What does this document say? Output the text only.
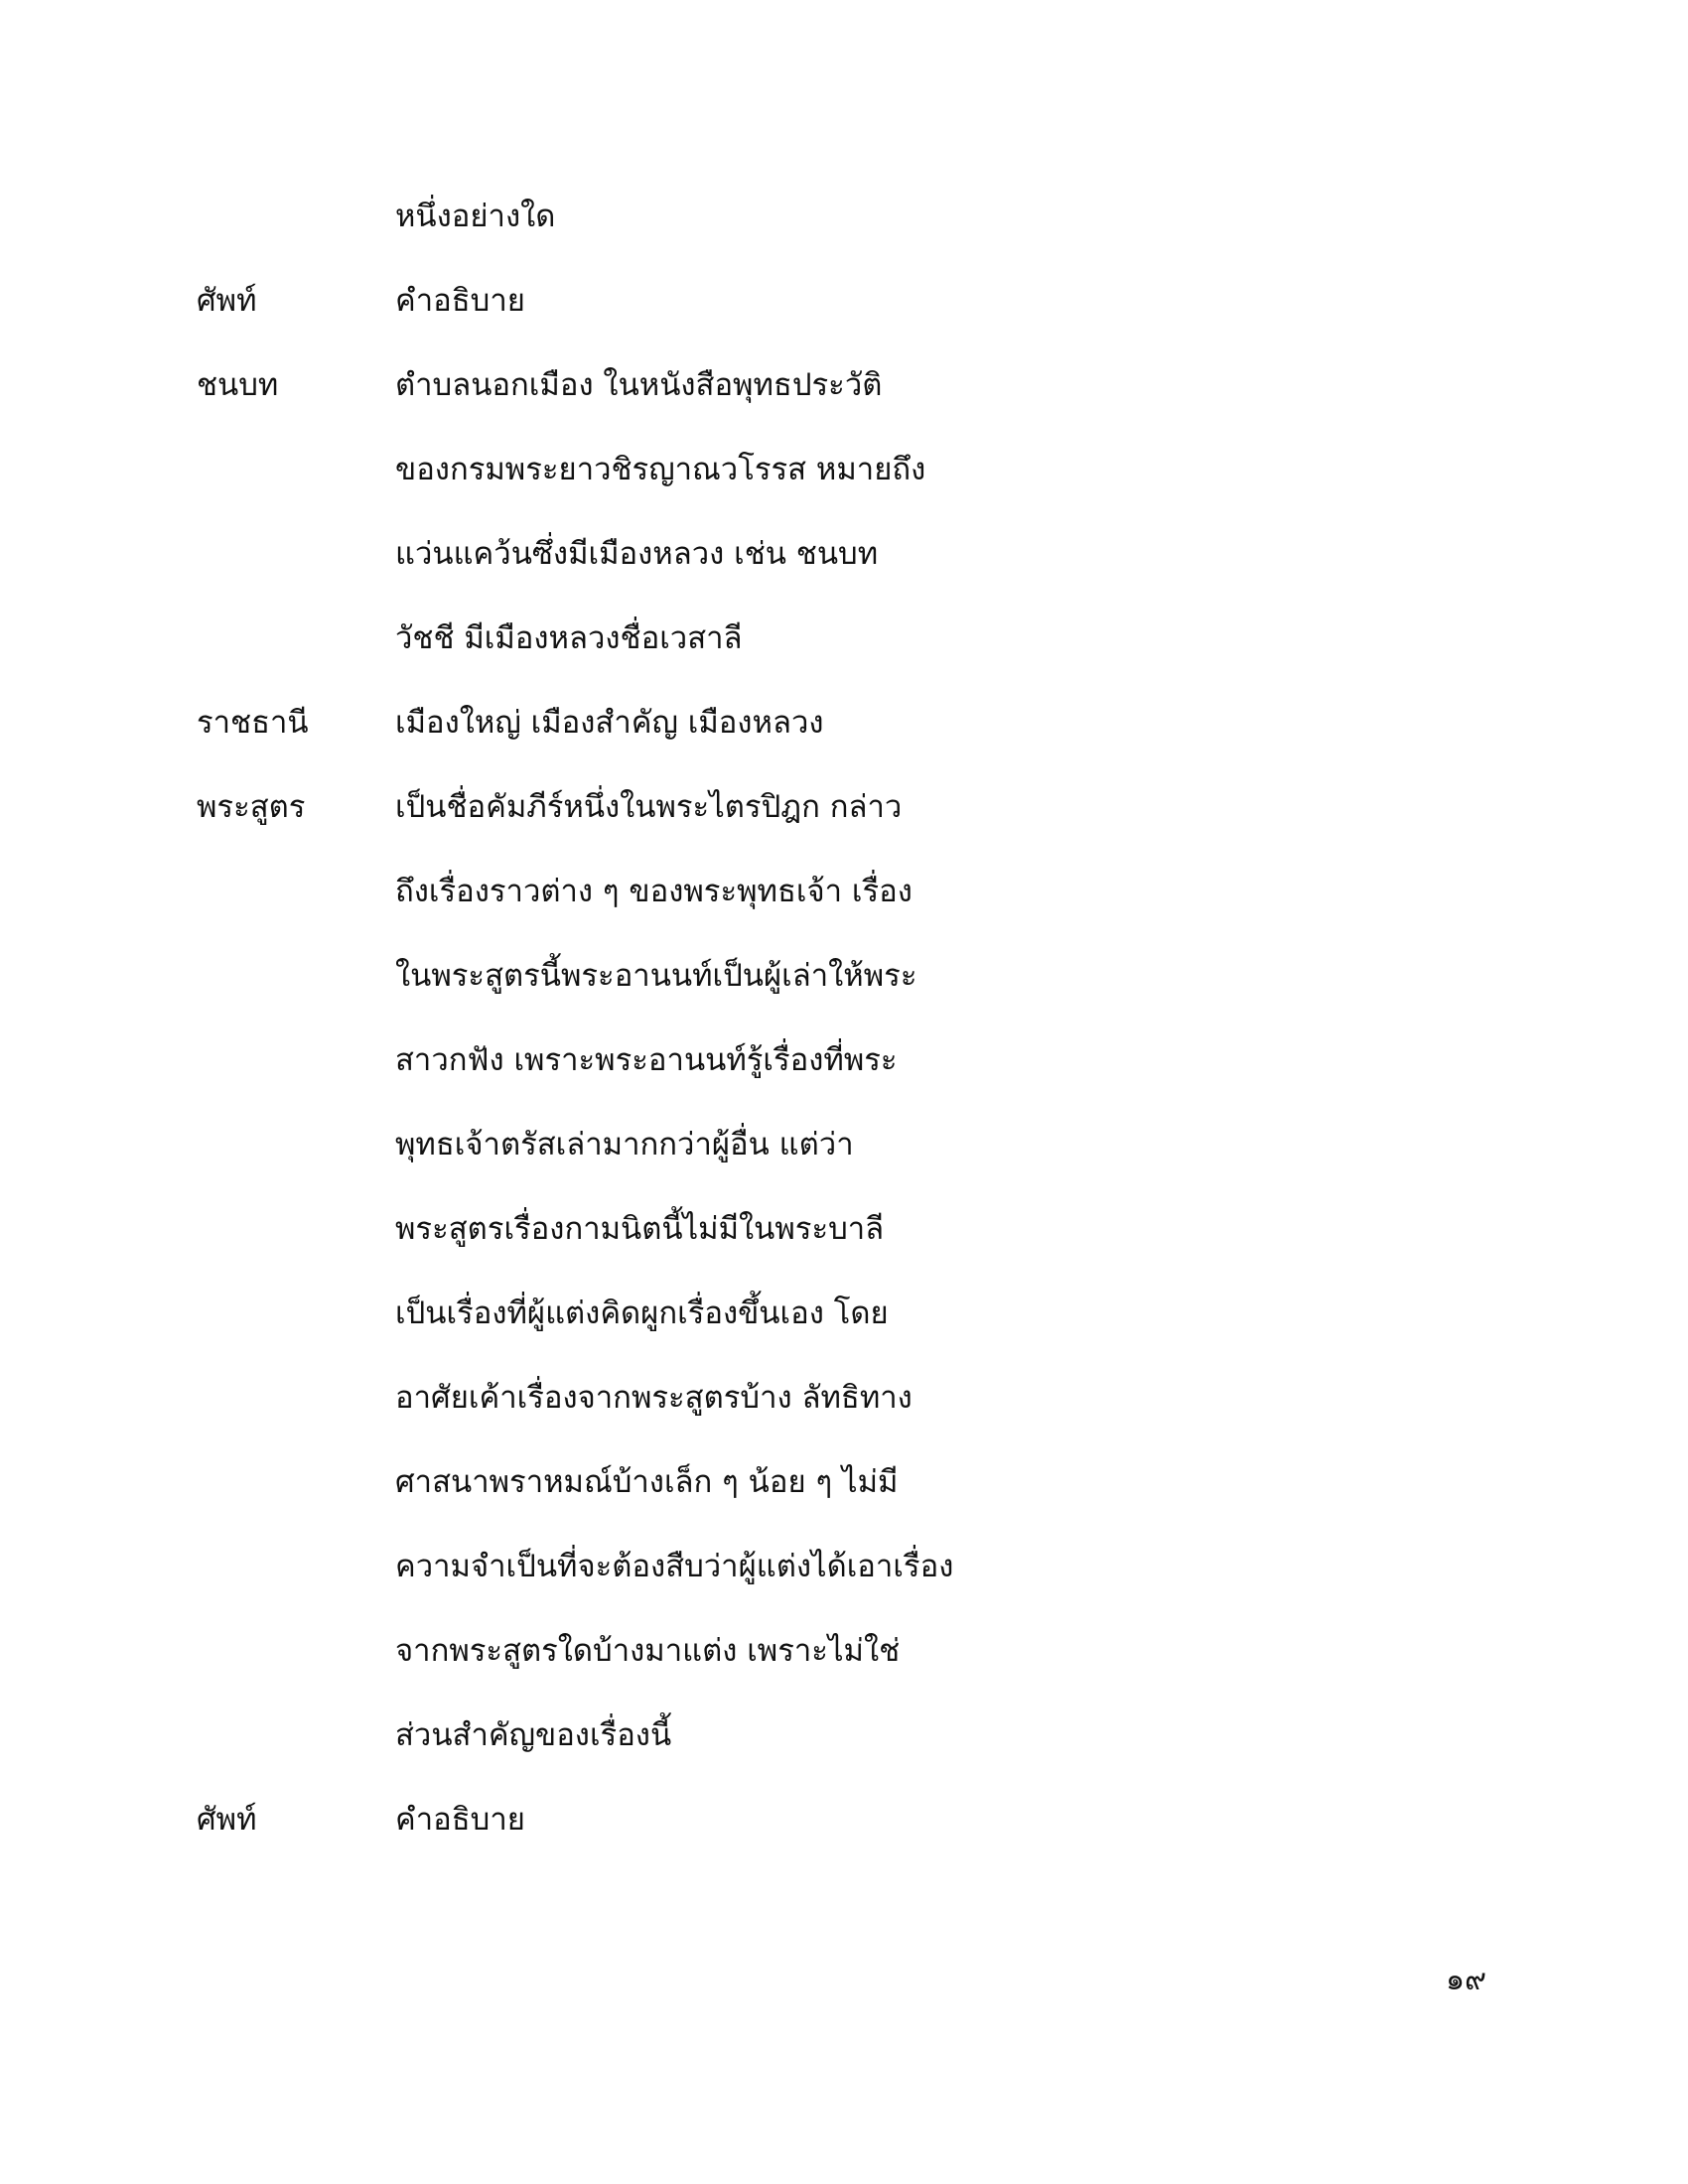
หนึ่งอย่างใด
ศัพท์	คำอธิบาย
ชนบท	ตำบลนอกเมือง ในหนังสือพุทธประวัติ
ของกรมพระยาวชิรญาณวโรรส หมายถึง
แว่นแคว้นซึ่งมีเมืองหลวง เช่น ชนบท
วัชชี มีเมืองหลวงชื่อเวสาลี
ราชธานี	เมืองใหญ่ เมืองสำคัญ เมืองหลวง
พระสูตร	เป็นชื่อคัมภีร์หนึ่งในพระไตรปิฎก กล่าว
ถึงเรื่องราวต่าง ๆ ของพระพุทธเจ้า เรื่อง
ในพระสูตรนี้พระอานนท์เป็นผู้เล่าให้พระ
สาวกฟัง เพราะพระอานนท์รู้เรื่องที่พระ
พุทธเจ้าตรัสเล่ามากกว่าผู้อื่น แต่ว่า
พระสูตรเรื่องกามนิตนี้ไม่มีในพระบาลี
เป็นเรื่องที่ผู้แต่งคิดผูกเรื่องขึ้นเอง โดย
อาศัยเค้าเรื่องจากพระสูตรบ้าง ลัทธิทาง
ศาสนาพราหมณ์บ้างเล็ก ๆ น้อย ๆ ไม่มี
ความจำเป็นที่จะต้องสืบว่าผู้แต่งได้เอาเรื่อง
จากพระสูตรใดบ้างมาแต่ง เพราะไม่ใช่
ส่วนสำคัญของเรื่องนี้
ศัพท์	คำอธิบาย
๑๙
